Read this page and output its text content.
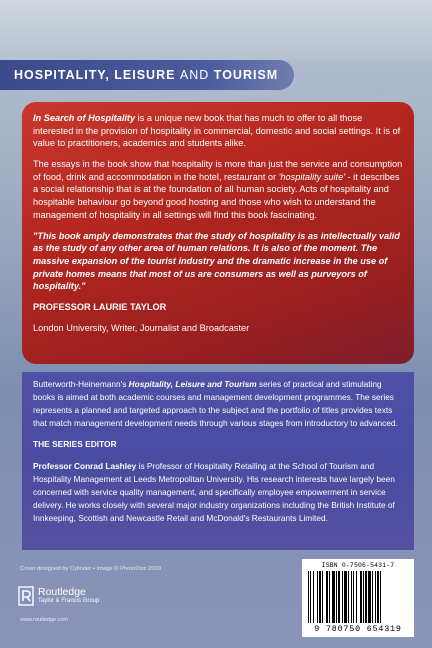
HOSPITALITY, LEISURE AND TOURISM

In Search of Hospitality is a unique new book that has much to offer to all those interested in the provision of hospitality in commercial, domestic and social settings. It is of value to practitioners, academics and students alike.

The essays in the book show that hospitality is more than just the service and consumption of food, drink and accommodation in the hotel, restaurant or 'hospitality suite' - it describes a social relationship that is at the foundation of all human society. Acts of hospitality and hospitable behaviour go beyond good hosting and those who wish to understand the management of hospitality in all settings will find this book fascinating.

"This book amply demonstrates that the study of hospitality is as intellectually valid as the study of any other area of human relations. It is also of the moment. The massive expansion of the tourist industry and the dramatic increase in the use of private homes means that most of us are consumers as well as purveyors of hospitality."

PROFESSOR LAURIE TAYLOR

London University, Writer, Journalist and Broadcaster

Butterworth-Heinemann's Hospitality, Leisure and Tourism series of practical and stimulating books is aimed at both academic courses and management development programmes. The series represents a planned and targeted approach to the subject and the portfolio of titles provides texts that match management development needs through various stages from introductory to advanced.

THE SERIES EDITOR

Professor Conrad Lashley is Professor of Hospitality Retailing at the School of Tourism and Hospitality Management at Leeds Metropolitan University. His research interests have largely been concerned with service quality management, and specifically employee empowerment in service delivery. He works closely with several major industry organizations including the British Institute of Innkeeping, Scottish and Newcastle Retail and McDonald's Restaurants Limited.

Cover designed by Cylinder • Image © PhotoDisc 2000
Routledge
Taylor & Francis Group
www.routledge.com
ISBN 0-7506-5431-7
9 780750 654319
